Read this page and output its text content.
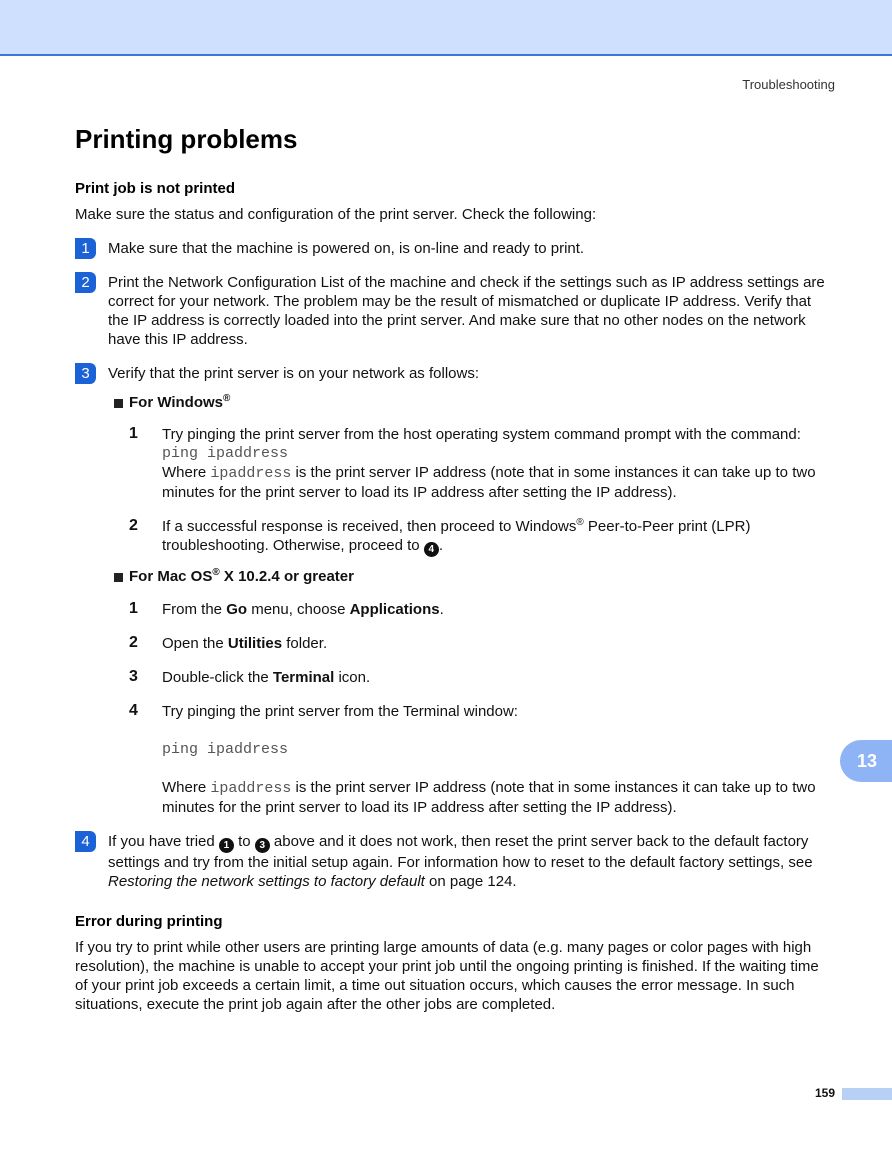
Troubleshooting
Printing problems
Print job is not printed

Make sure the status and configuration of the print server. Check the following:

1	Make sure that the machine is powered on, is on-line and ready to print.

2	Print the Network Configuration List of the machine and check if the settings such as IP address settings are correct for your network. The problem may be the result of mismatched or duplicate IP address. Verify that the IP address is correctly loaded into the print server. And make sure that no other nodes on the network have this IP address.

3	Verify that the print server is on your network as follows:

For Windows®
1 Try pinging the print server from the host operating system command prompt with the command:

ping ipaddress

Where ipaddress is the print server IP address (note that in some instances it can take up to two minutes for the print server to load its IP address after setting the IP address).

2 If a successful response is received, then proceed to Windows® Peer-to-Peer print (LPR) troubleshooting. Otherwise, proceed to 4 .

For Mac OS® X 10.2.4 or greater
1 From the Go menu, choose Applications.

2 Open the Utilities folder.

3 Double-click the Terminal icon.

4 Try pinging the print server from the Terminal window:

ping ipaddress

Where ipaddress is the print server IP address (note that in some instances it can take up to two minutes for the print server to load its IP address after setting the IP address).

4	If you have tried 1 to 3 above and it does not work, then reset the print server back to the default factory settings and try from the initial setup again. For information how to reset to the default factory settings, see Restoring the network settings to factory default on page 124.

Error during printing

If you try to print while other users are printing large amounts of data (e.g. many pages or color pages with high resolution), the machine is unable to accept your print job until the ongoing printing is finished. If the waiting time of your print job exceeds a certain limit, a time out situation occurs, which causes the error message. In such situations, execute the print job again after the other jobs are completed.

13
159
